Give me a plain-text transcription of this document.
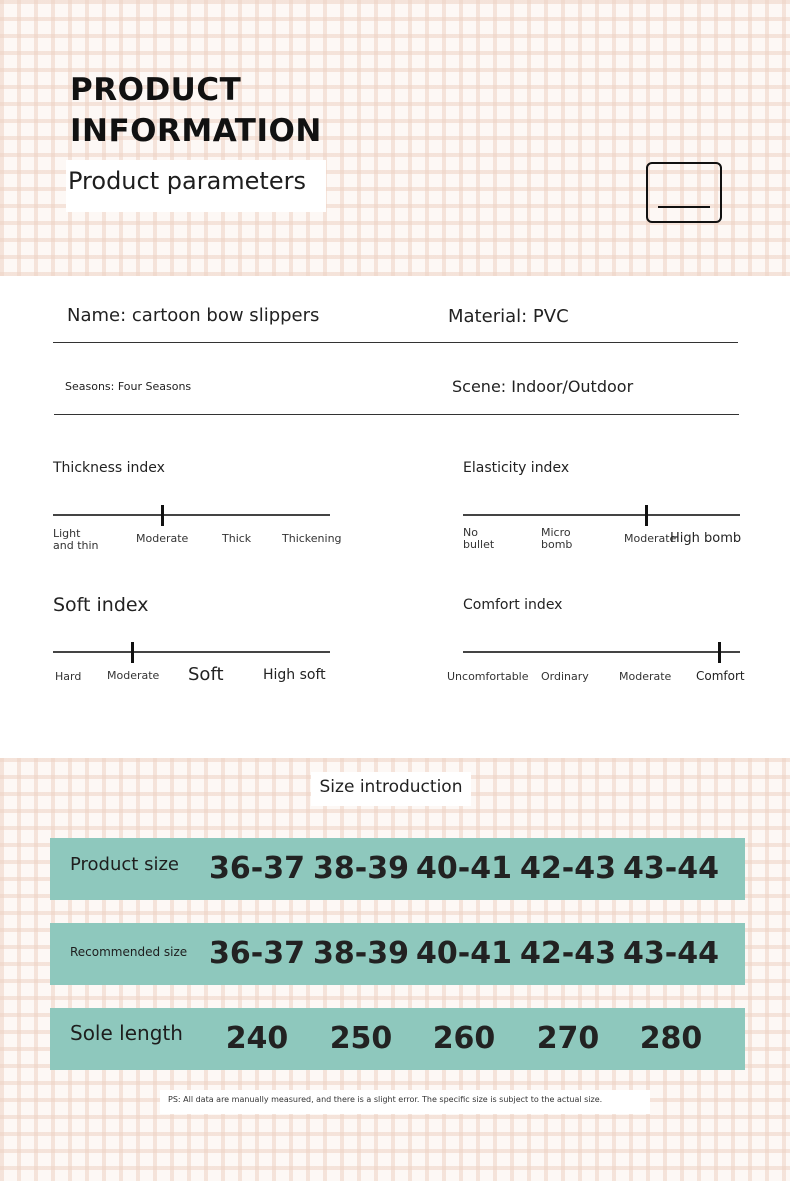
PRODUCT
INFORMATION
Product parameters
Name: cartoon bow slippers	Material: PVC
Seasons: Four Seasons	Scene: Indoor/Outdoor
Thickness index
Light
and thin
Moderate	Thick	Thickening
Elasticity index
No
bullet
Micro
bomb	Moderate
High bomb
Soft index
Hard Moderate Soft	High soft
Comfort index
Uncomfortable Ordinary	Moderate Comfort
Size introduction
Product size 36-37 38-39 40-41 42-43 43-44
Recommended size 36-37 38-39 40-41 42-43 43-44
Sole length	240	250	260	270	280
PS: All data are manually measured, and there is a slight error. The specific size is subject to the actual size.
